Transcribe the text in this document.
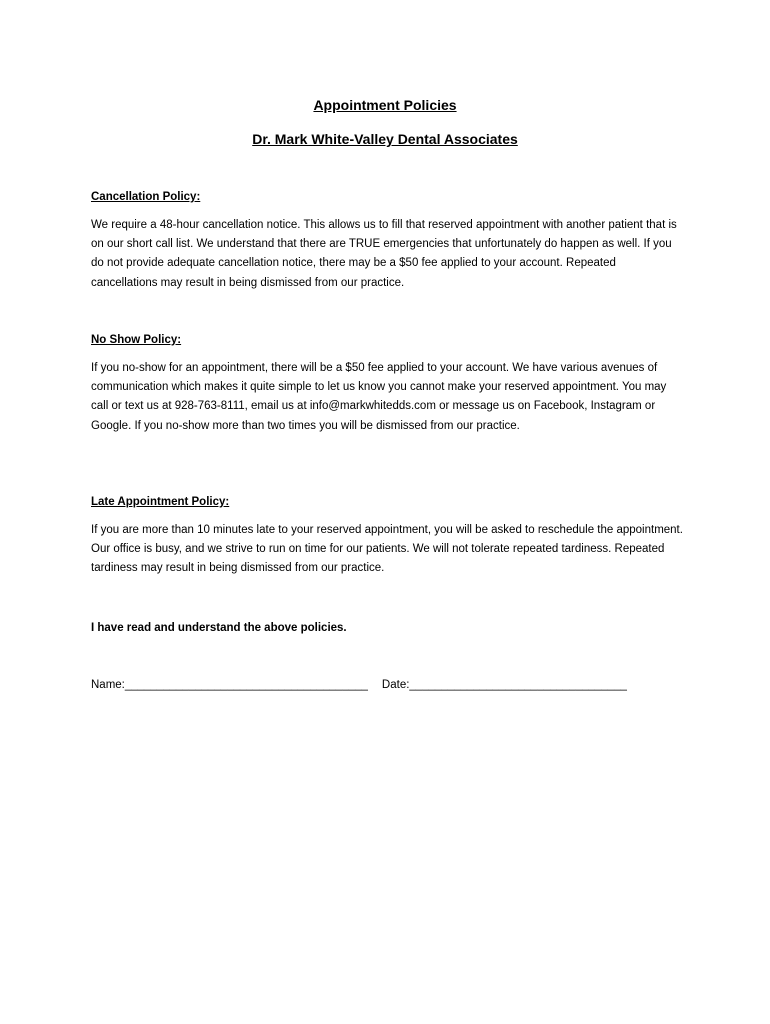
Appointment Policies
Dr. Mark White-Valley Dental Associates
Cancellation Policy:

We require a 48-hour cancellation notice. This allows us to fill that reserved appointment with another patient that is on our short call list. We understand that there are TRUE emergencies that unfortunately do happen as well. If you do not provide adequate cancellation notice, there may be a $50 fee applied to your account. Repeated cancellations may result in being dismissed from our practice.

No Show Policy:

If you no-show for an appointment, there will be a $50 fee applied to your account. We have various avenues of communication which makes it quite simple to let us know you cannot make your reserved appointment. You may call or text us at 928-763-8111, email us at info@markwhitedds.com or message us on Facebook, Instagram or Google. If you no-show more than two times you will be dismissed from our practice.

Late Appointment Policy:

If you are more than 10 minutes late to your reserved appointment, you will be asked to reschedule the appointment. Our office is busy, and we strive to run on time for our patients. We will not tolerate repeated tardiness. Repeated tardiness may result in being dismissed from our practice.

I have read and understand the above policies.
Name:______________________________________ Date:__________________________________
